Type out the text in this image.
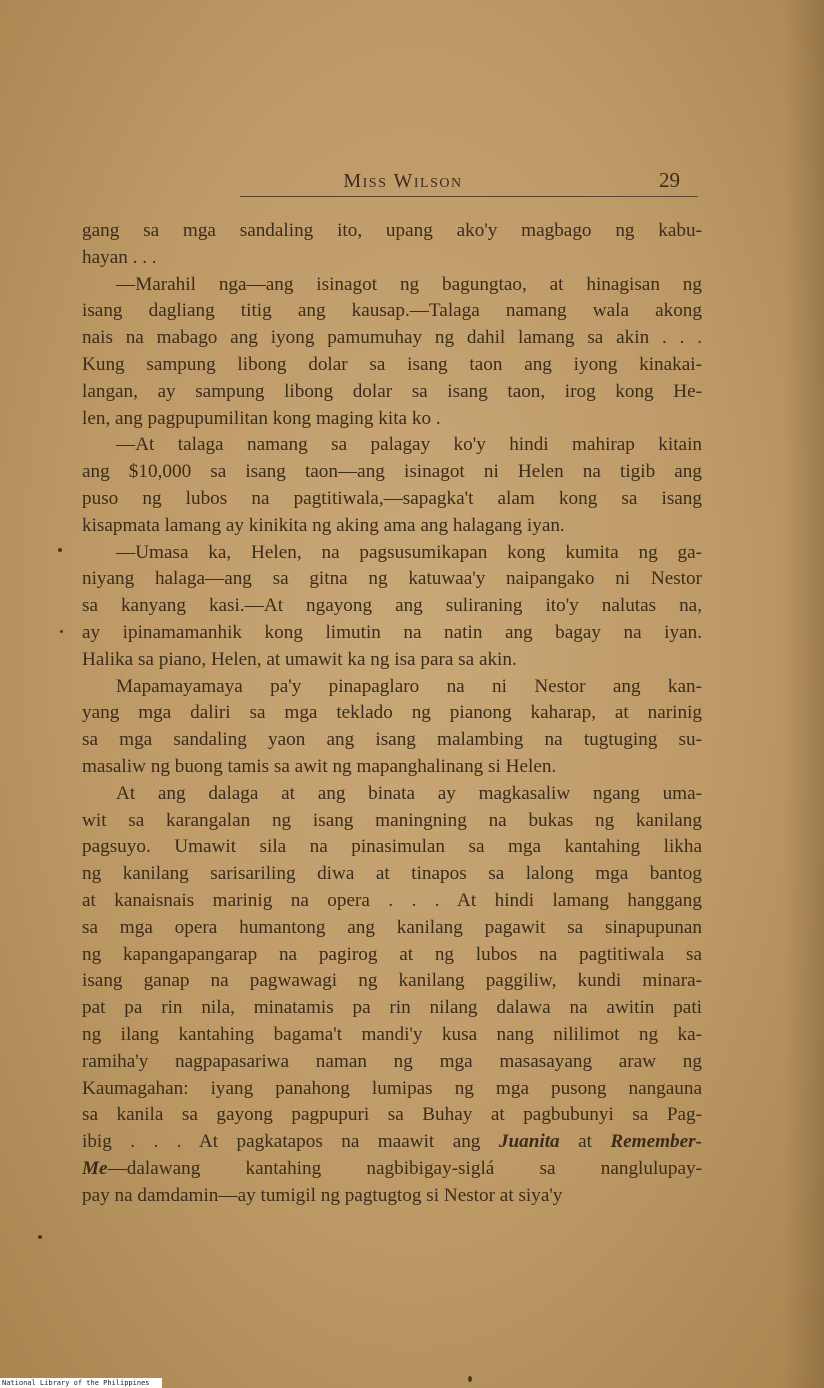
Miss Wilson	29
gang sa mga sandaling ito, upang ako'y magbago ng kabu-
hayan . . .
—Marahil nga—ang isinagot ng bagungtao, at hinagisan ng
isang dagliang titig ang kausap.—Talaga namang wala akong
nais na mabago ang iyong pamumuhay ng dahil lamang sa akin . . .
Kung sampung libong dolar sa isang taon ang iyong kinakai-
langan, ay sampung libong dolar sa isang taon, irog kong He-
len, ang pagpupumilitan kong maging kita ko .
—At talaga namang sa palagay ko'y hindi mahirap kitain
ang $10,000 sa isang taon—ang isinagot ni Helen na tigib ang
puso ng lubos na pagtitiwala,—sapagka't alam kong sa isang
kisapmata lamang ay kinikita ng aking ama ang halagang iyan.
—Umasa ka, Helen, na pagsusumikapan kong kumita ng ga-
niyang halaga—ang sa gitna ng katuwaa'y naipangako ni Nestor
sa kanyang kasi.—At ngayong ang suliraning ito'y nalutas na,
ay ipinamamanhik kong limutin na natin ang bagay na iyan.
Halika sa piano, Helen, at umawit ka ng isa para sa akin.
Mapamayamaya pa'y pinapaglaro na ni Nestor ang kan-
yang mga daliri sa mga teklado ng pianong kaharap, at narinig
sa mga sandaling yaon ang isang malambing na tugtuging su-
masaliw ng buong tamis sa awit ng mapanghalinang si Helen.
At ang dalaga at ang binata ay magkasaliw ngang uma-
wit sa karangalan ng isang maningning na bukas ng kanilang
pagsuyo. Umawit sila na pinasimulan sa mga kantahing likha
ng kanilang sarisariling diwa at tinapos sa lalong mga bantog
at kanaisnais marinig na opera . . . At hindi lamang hanggang
sa mga opera humantong ang kanilang pagawit sa sinapupunan
ng kapangapangarap na pagirog at ng lubos na pagtitiwala sa
isang ganap na pagwawagi ng kanilang paggiliw, kundi minara-
pat pa rin nila, minatamis pa rin nilang dalawa na awitin pati
ng ilang kantahing bagama't mandi'y kusa nang nililimot ng ka-
ramiha'y nagpapasariwa naman ng mga masasayang araw ng
Kaumagahan: iyang panahong lumipas ng mga pusong nangauna
sa kanila sa gayong pagpupuri sa Buhay at pagbubunyi sa Pag-
ibig . . . At pagkatapos na maawit ang Juanita at Remember-
Me—dalawang kantahing nagbibigay-siglá sa nanglulupay-
pay na damdamin—ay tumigil ng pagtugtog si Nestor at siya'y
National Library of the Philippines
